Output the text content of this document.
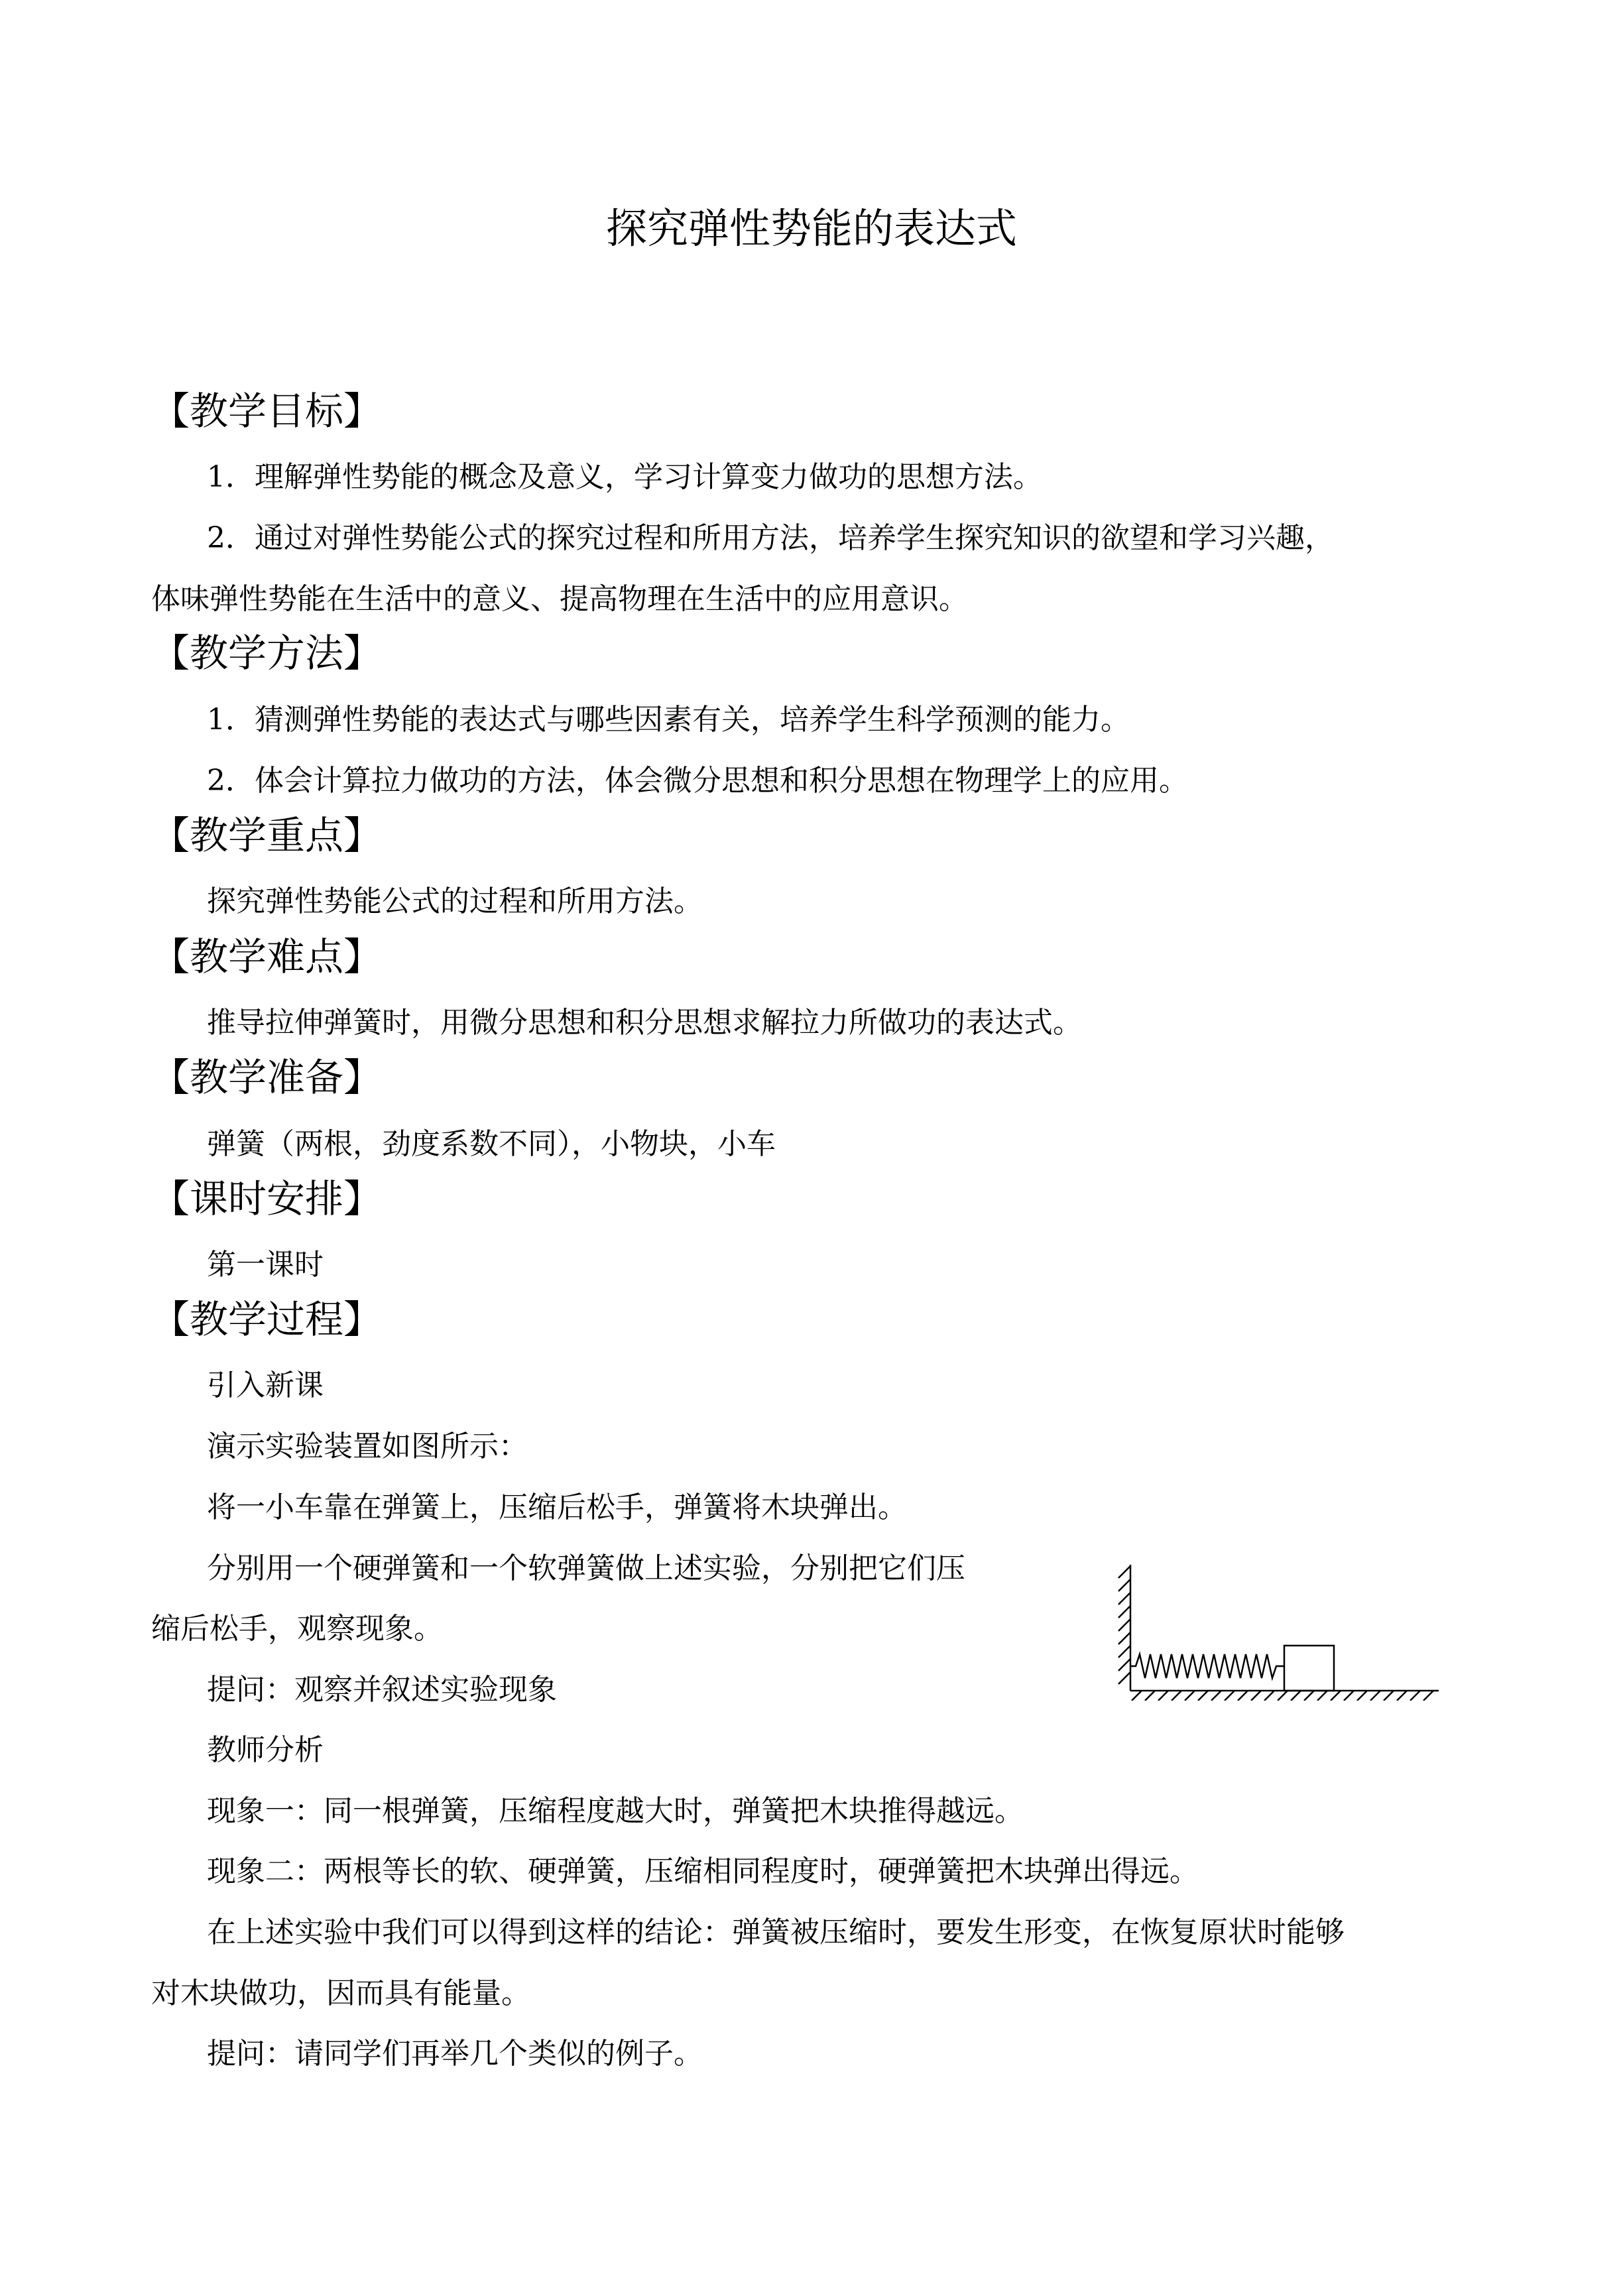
探究弹性势能的表达式
【教学目标】
1．理解弹性势能的概念及意义，学习计算变力做功的思想方法。
2．通过对弹性势能公式的探究过程和所用方法，培养学生探究知识的欲望和学习兴趣，
体味弹性势能在生活中的意义、提高物理在生活中的应用意识。
【教学方法】
1．猜测弹性势能的表达式与哪些因素有关，培养学生科学预测的能力。
2．体会计算拉力做功的方法，体会微分思想和积分思想在物理学上的应用。
【教学重点】
探究弹性势能公式的过程和所用方法。
【教学难点】
推导拉伸弹簧时，用微分思想和积分思想求解拉力所做功的表达式。
【教学准备】
弹簧（两根，劲度系数不同），小物块，小车
【课时安排】
第一课时
【教学过程】
引入新课
演示实验装置如图所示：
将一小车靠在弹簧上，压缩后松手，弹簧将木块弹出。
分别用一个硬弹簧和一个软弹簧做上述实验，分别把它们压
缩后松手，观察现象。
提问：观察并叙述实验现象
教师分析
现象一：同一根弹簧，压缩程度越大时，弹簧把木块推得越远。
现象二：两根等长的软、硬弹簧，压缩相同程度时，硬弹簧把木块弹出得远。
在上述实验中我们可以得到这样的结论：弹簧被压缩时，要发生形变，在恢复原状时能够
对木块做功，因而具有能量。
提问：请同学们再举几个类似的例子。
